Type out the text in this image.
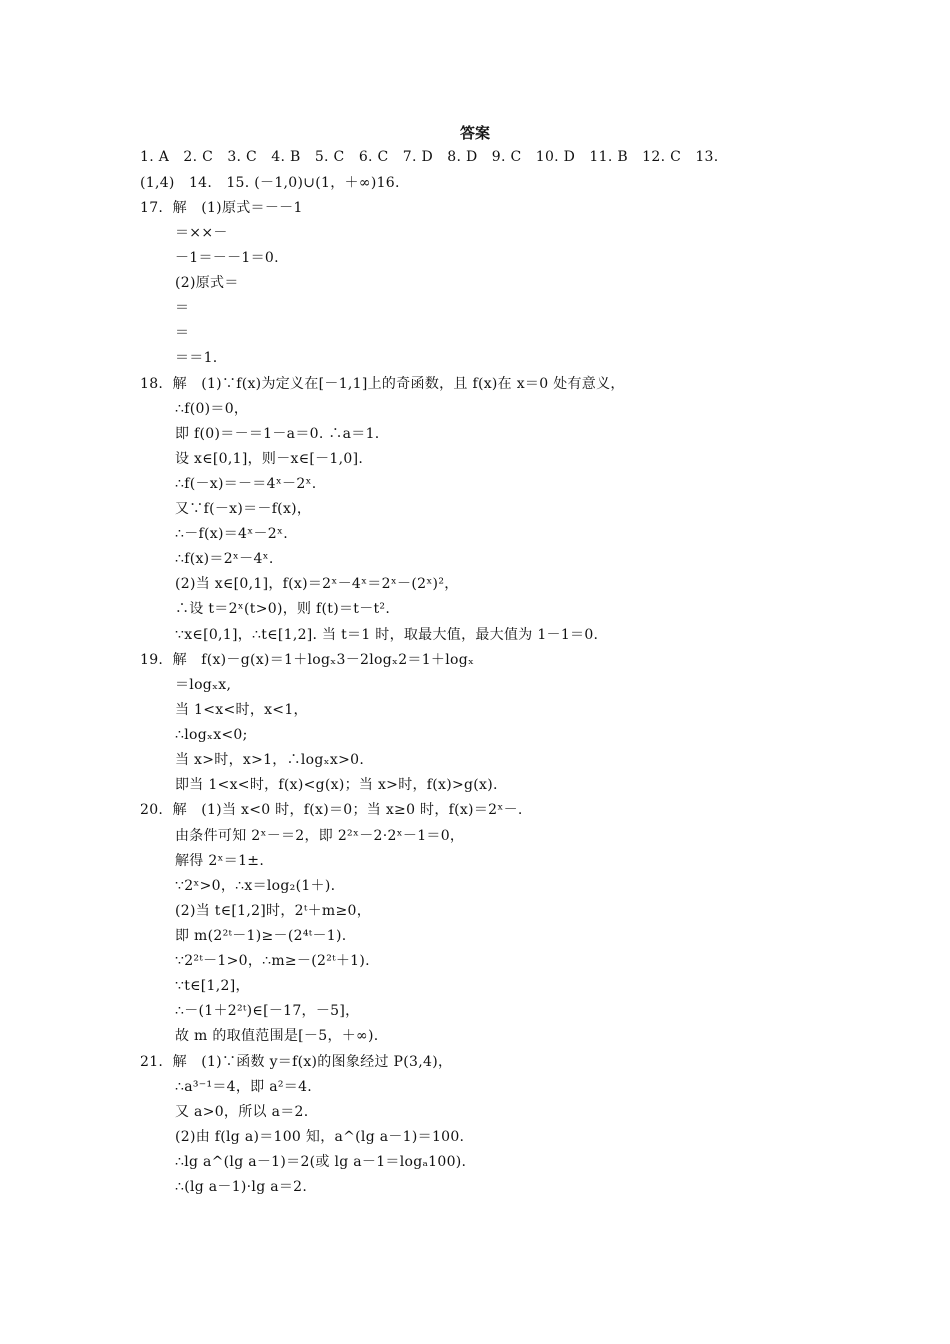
答案
1. A   2. C   3. C   4. B   5. C   6. C   7. D   8. D   9. C   10. D   11. B   12. C   13.
(1,4)   14.   15. (－1,0)∪(1，＋∞)16.
17.  解   (1)原式＝－－1
＝××－
－1＝－－1＝0.
(2)原式＝
＝
＝
＝＝1.
18.  解   (1)∵f(x)为定义在[－1,1]上的奇函数，且 f(x)在 x＝0 处有意义，
∴f(0)＝0，
即 f(0)＝－＝1－a＝0. ∴a＝1.
设 x∈[0,1]，则－x∈[－1,0].
∴f(－x)＝－＝4ˣ－2ˣ.
又∵f(－x)＝－f(x)，
∴－f(x)＝4ˣ－2ˣ.
∴f(x)＝2ˣ－4ˣ.
(2)当 x∈[0,1]，f(x)＝2ˣ－4ˣ＝2ˣ－(2ˣ)²，
∴设 t＝2ˣ(t>0)，则 f(t)＝t－t².
∵x∈[0,1]，∴t∈[1,2]. 当 t＝1 时，取最大值，最大值为 1－1＝0.
19.  解   f(x)－g(x)＝1＋logₓ3－2logₓ2＝1＋logₓ
＝logₓx,
当 1<x<时，x<1，
∴logₓx<0;
当 x>时，x>1，∴logₓx>0.
即当 1<x<时，f(x)<g(x)；当 x>时，f(x)>g(x).
20.  解   (1)当 x<0 时，f(x)＝0；当 x≥0 时，f(x)＝2ˣ－.
由条件可知 2ˣ－＝2，即 2²ˣ－2·2ˣ－1＝0，
解得 2ˣ＝1±.
∵2ˣ>0，∴x＝log₂(1＋).
(2)当 t∈[1,2]时，2ᵗ＋m≥0，
即 m(2²ᵗ－1)≥－(2⁴ᵗ－1).
∵2²ᵗ－1>0，∴m≥－(2²ᵗ＋1).
∵t∈[1,2]，
∴－(1＋2²ᵗ)∈[－17，－5]，
故 m 的取值范围是[－5，＋∞).
21.  解   (1)∵函数 y＝f(x)的图象经过 P(3,4)，
∴a³⁻¹＝4，即 a²＝4.
又 a>0，所以 a＝2.
(2)由 f(lg a)＝100 知，a^(lg a－1)＝100.
∴lg a^(lg a－1)＝2(或 lg a－1＝logₐ100).
∴(lg a－1)·lg a＝2.
